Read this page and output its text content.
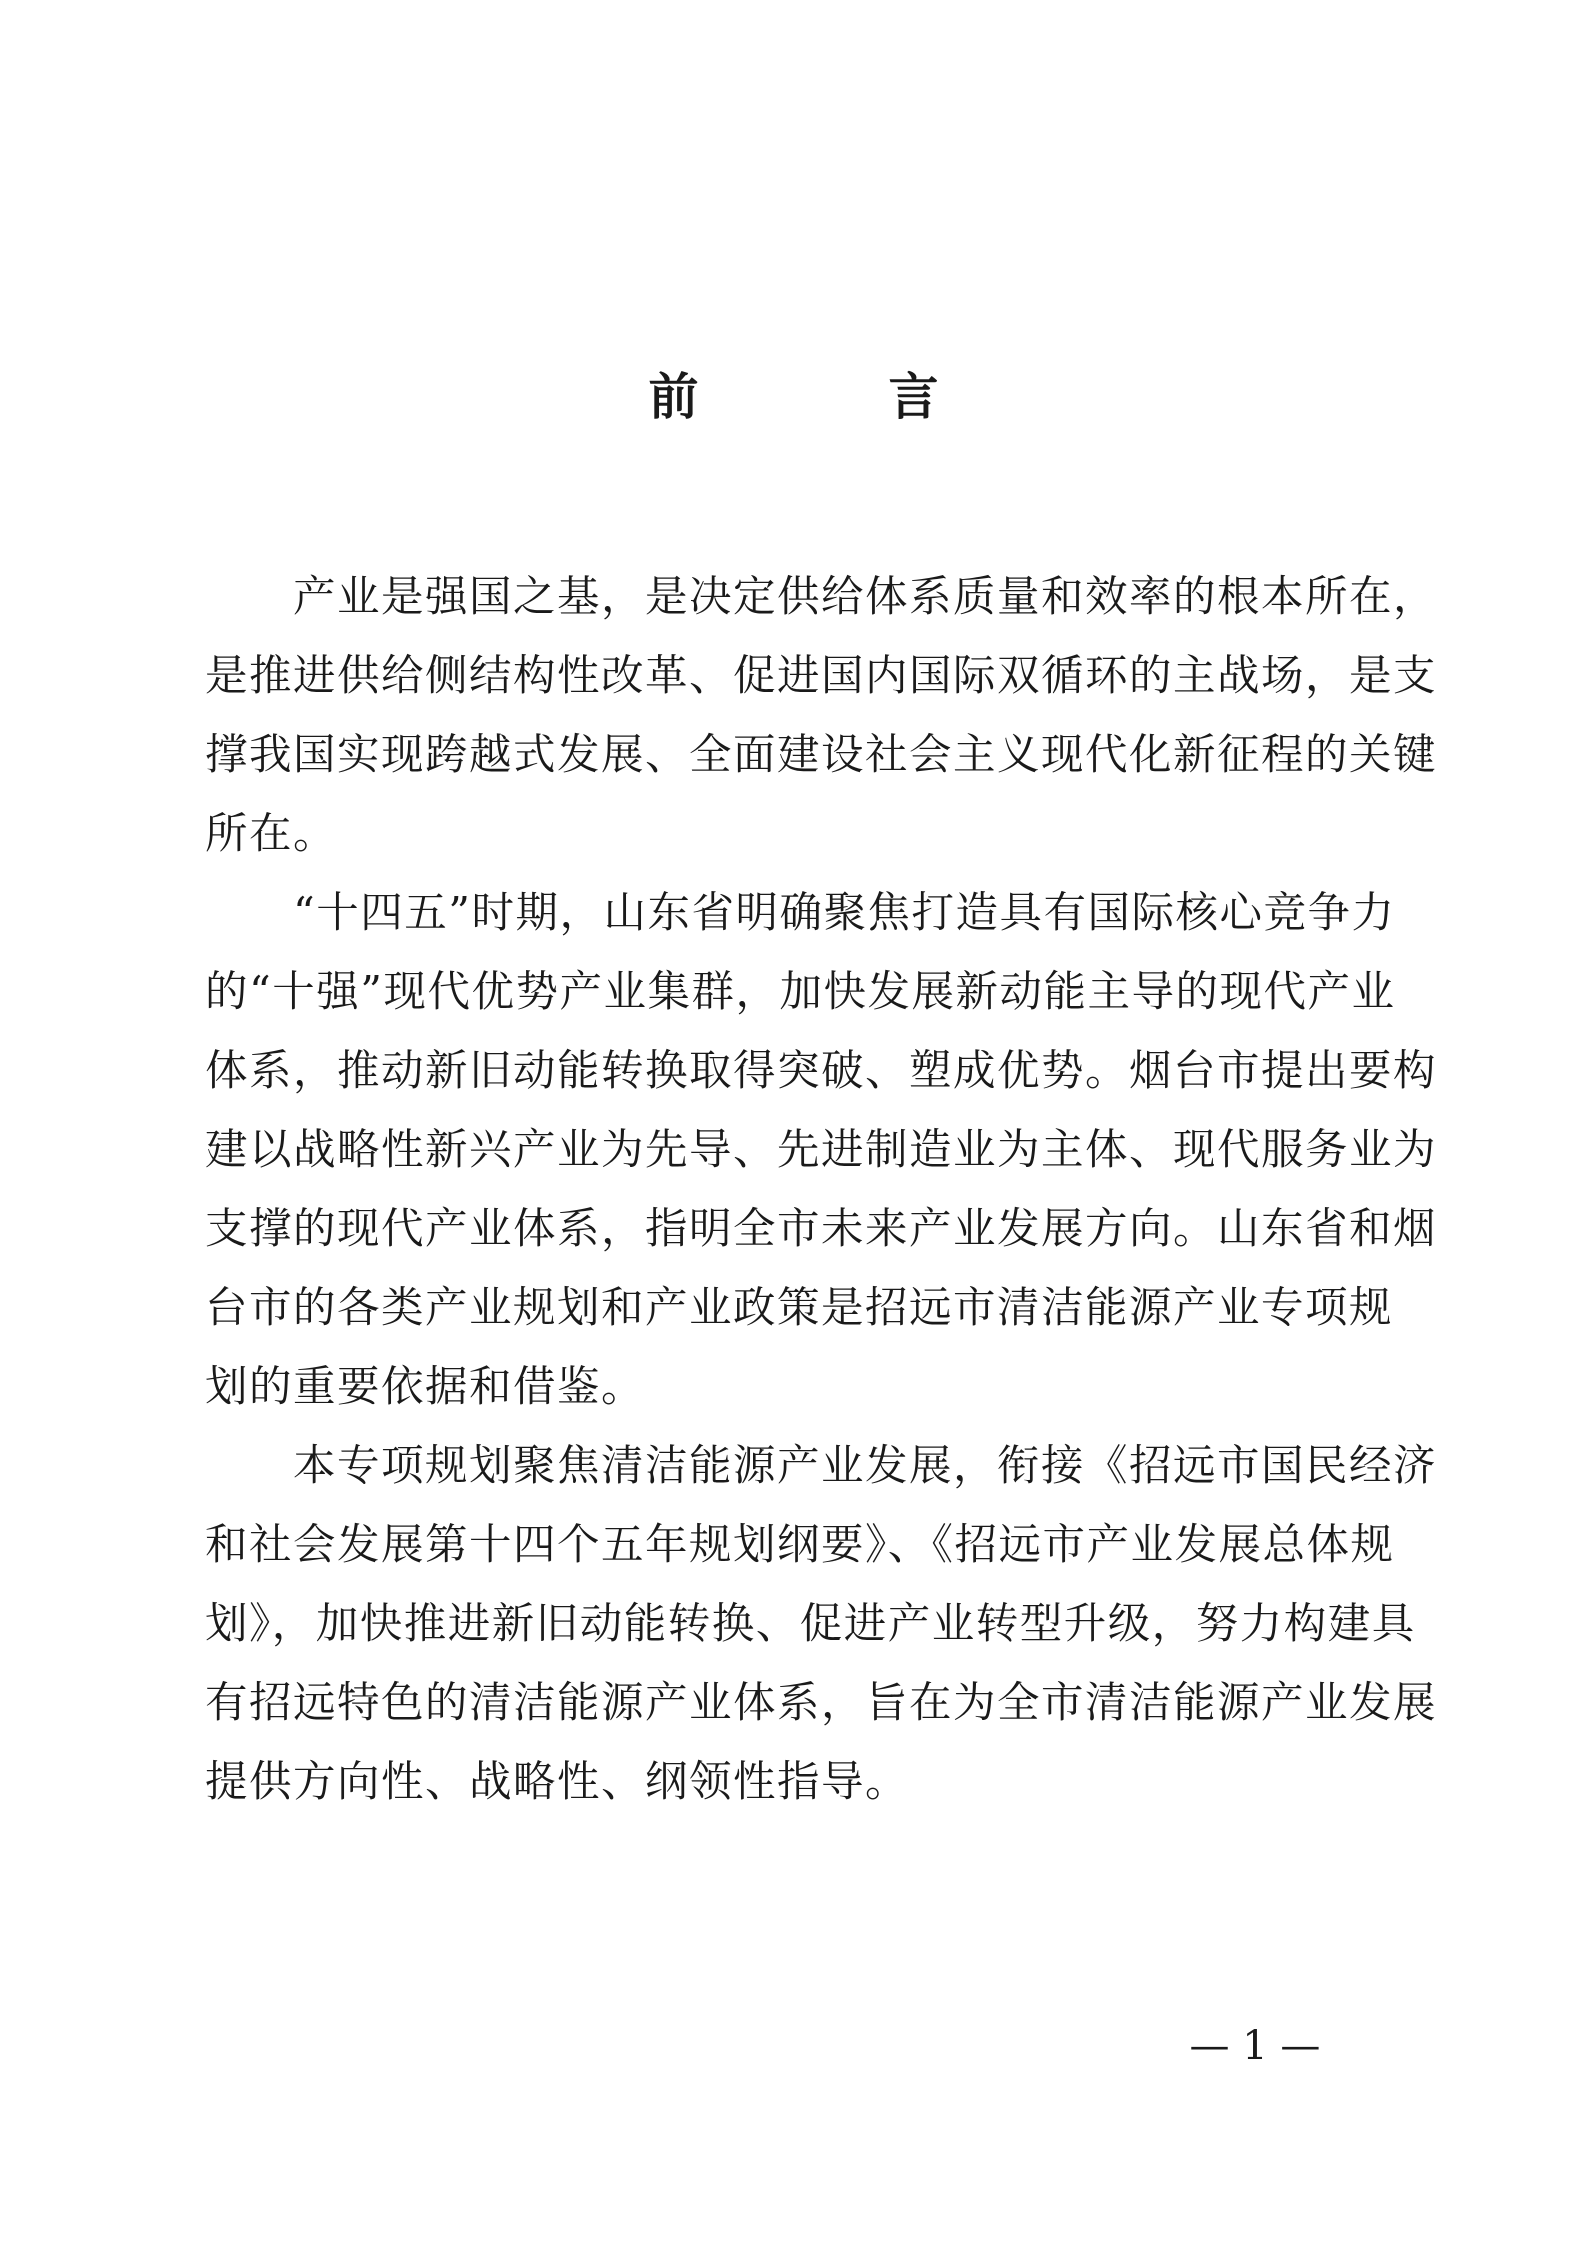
前　言
　　产业是强国之基，是决定供给体系质量和效率的根本所在，
是推进供给侧结构性改革、促进国内国际双循环的主战场，是支
撑我国实现跨越式发展、全面建设社会主义现代化新征程的关键
所在。
　　“十四五”时期，山东省明确聚焦打造具有国际核心竞争力
的“十强”现代优势产业集群，加快发展新动能主导的现代产业
体系，推动新旧动能转换取得突破、塑成优势。烟台市提出要构
建以战略性新兴产业为先导、先进制造业为主体、现代服务业为
支撑的现代产业体系，指明全市未来产业发展方向。山东省和烟
台市的各类产业规划和产业政策是招远市清洁能源产业专项规
划的重要依据和借鉴。
　　本专项规划聚焦清洁能源产业发展，衔接《招远市国民经济
和社会发展第十四个五年规划纲要》、《招远市产业发展总体规
划》，加快推进新旧动能转换、促进产业转型升级，努力构建具
有招远特色的清洁能源产业体系，旨在为全市清洁能源产业发展
提供方向性、战略性、纲领性指导。
— 1 —
